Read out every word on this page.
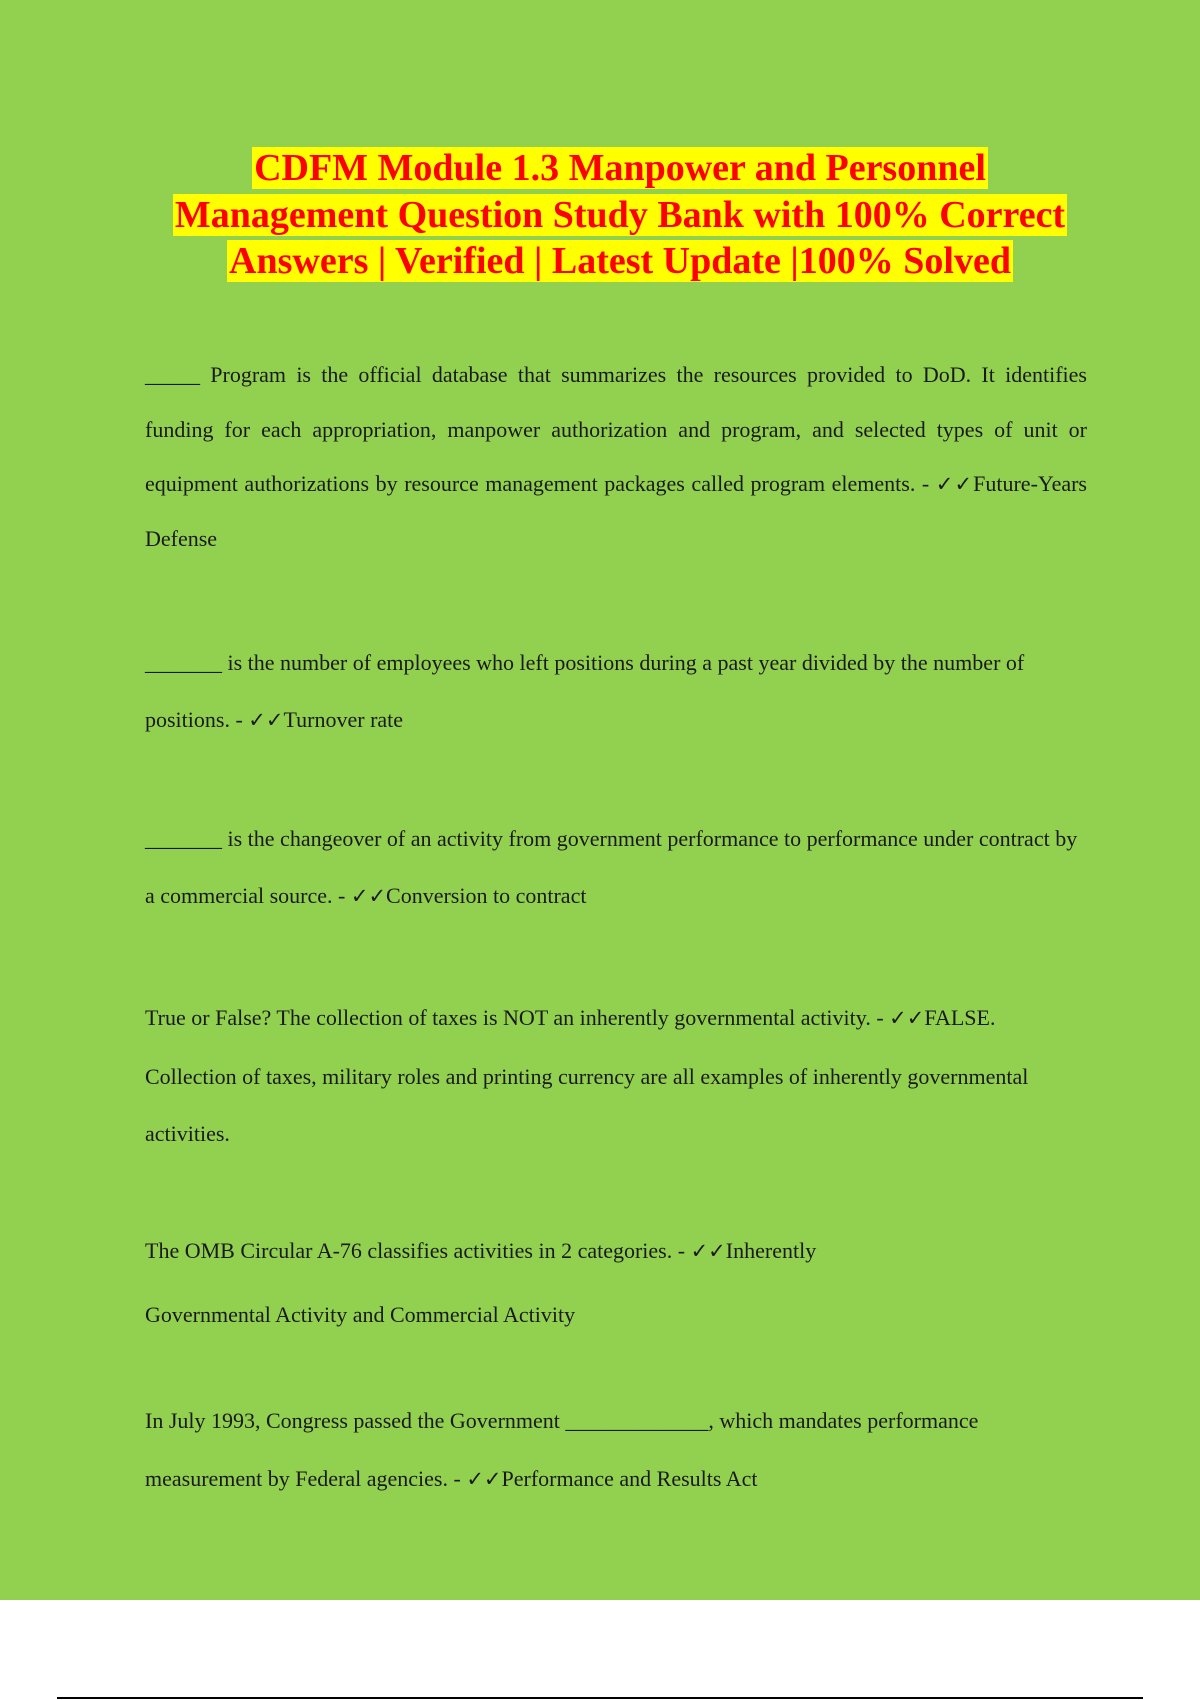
CDFM Module 1.3 Manpower and Personnel Management Question Study Bank with 100% Correct Answers | Verified | Latest Update |100% Solved

_____ Program is the official database that summarizes the resources provided to DoD. It identifies funding for each appropriation, manpower authorization and program, and selected types of unit or equipment authorizations by resource management packages called program elements. - ✓✓Future-Years Defense

_______ is the number of employees who left positions during a past year divided by the number of positions. - ✓✓Turnover rate

_______ is the changeover of an activity from government performance to performance under contract by a commercial source. - ✓✓Conversion to contract

True or False? The collection of taxes is NOT an inherently governmental activity. - ✓✓FALSE. Collection of taxes, military roles and printing currency are all examples of inherently governmental activities.

The OMB Circular A-76 classifies activities in 2 categories. - ✓✓Inherently Governmental Activity and Commercial Activity

In July 1993, Congress passed the Government _____________, which mandates performance measurement by Federal agencies. - ✓✓Performance and Results Act
